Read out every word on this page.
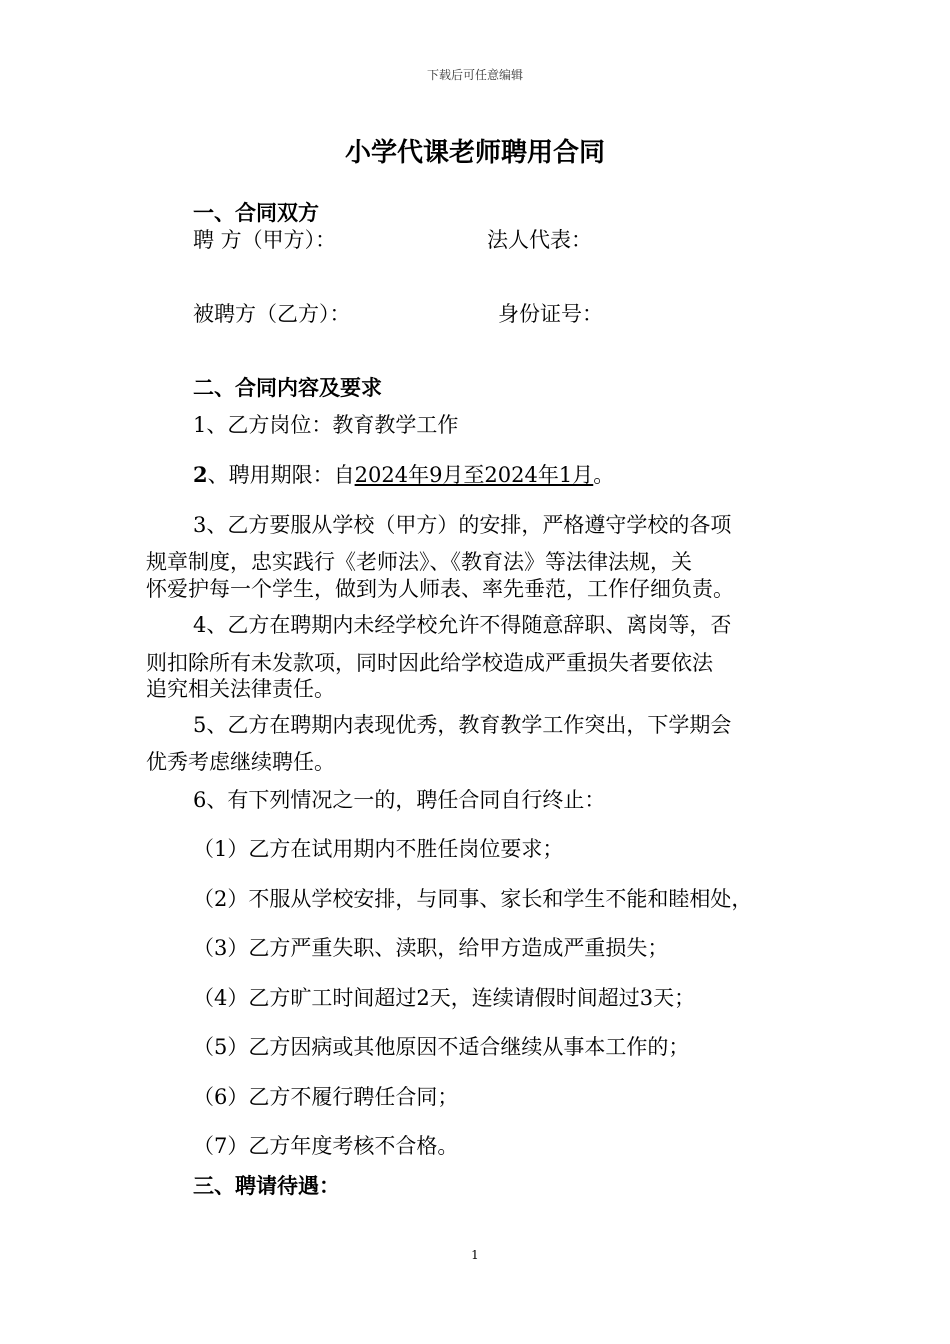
下载后可任意编辑
小学代课老师聘用合同
一、合同双方
聘 方（甲方）：	法人代表：
被聘方（乙方）：	身份证号：
二、合同内容及要求
1、乙方岗位：教育教学工作
2、聘用期限：自2024年9月至2024年1月。
3、乙方要服从学校（甲方）的安排，严格遵守学校的各项
规章制度，忠实践行《老师法》、《教育法》等法律法规，关
怀爱护每一个学生，做到为人师表、率先垂范，工作仔细负责。
4、乙方在聘期内未经学校允许不得随意辞职、离岗等，否
则扣除所有未发款项，同时因此给学校造成严重损失者要依法
追究相关法律责任。
5、乙方在聘期内表现优秀，教育教学工作突出，下学期会
优秀考虑继续聘任。
6、有下列情况之一的，聘任合同自行终止：
（1）乙方在试用期内不胜任岗位要求；
（2）不服从学校安排，与同事、家长和学生不能和睦相处，
（3）乙方严重失职、渎职，给甲方造成严重损失；
（4）乙方旷工时间超过2天，连续请假时间超过3天；
（5）乙方因病或其他原因不适合继续从事本工作的；
（6）乙方不履行聘任合同；
（7）乙方年度考核不合格。
三、聘请待遇：
1
